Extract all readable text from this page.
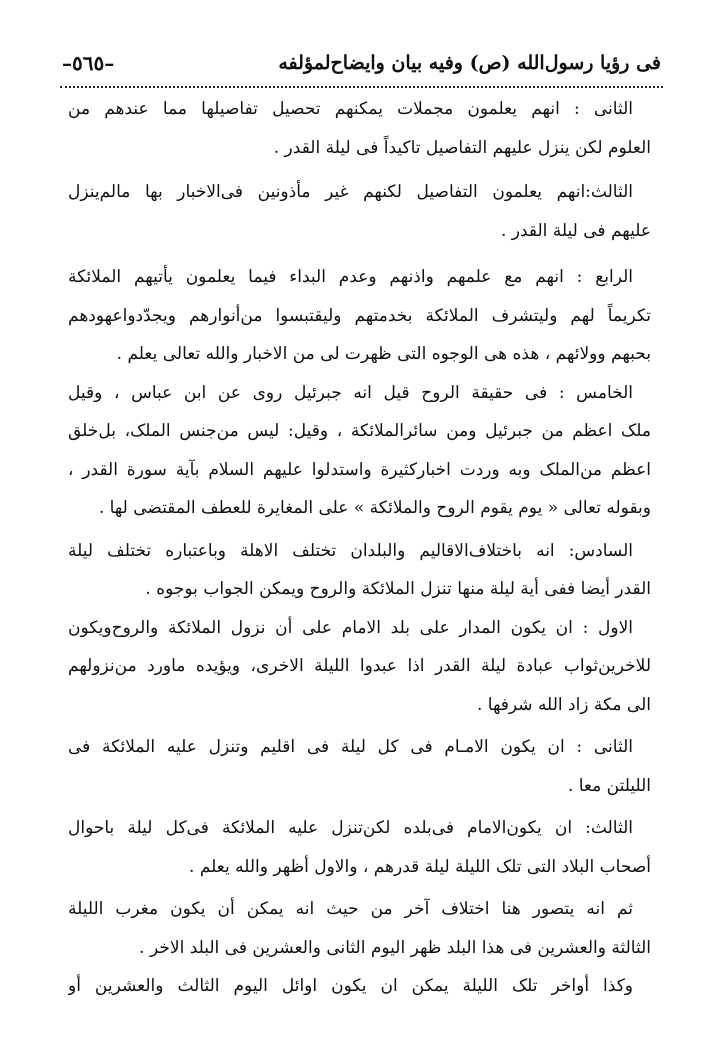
فی رؤیا رسول‌الله (ص) وفیه بیان وایضاح‌لمؤلفه
–٥٦٥–

الثانی : انهم یعلمون مجملات یمکنهم تحصیل تفاصیلها مما عندهم من
العلوم لکن ینزل علیهم التفاصیل تاکیداً فی لیلة القدر .

الثالث:انهم یعلمون التفاصیل لکنهم غیر مأذونین فی‌الاخبار بها مالم‌ینزل
علیهم فی لیلة القدر .

الرابع : انهم مع علمهم واذنهم وعدم البداء فیما یعلمون یأتیهم الملائکة
تکریماً لهم ولیتشرف الملائکة بخدمتهم ولیقتبسوا من‌أنوارهم ویجدّدواعهودهم
بحبهم وولائهم ، هذه هی الوجوه التی ظهرت لی من الاخبار والله تعالی یعلم .

الخامس : فی حقیقة الروح قیل انه جبرئیل روی عن ابن عباس ، وقیل
ملک اعظم من جبرئیل ومن سائرالملائکة ، وقیل: لیس من‌جنس الملک، بل‌خلق
اعظم من‌الملک وبه وردت اخبارکثیرة واستدلوا علیهم السلام بآیة سورة القدر ،
وبقوله تعالی « یوم یقوم الروح والملائکة » علی المغایرة للعطف المقتضی لها .

السادس: انه باختلاف‌الاقالیم والبلدان تختلف الاهلة وباعتباره تختلف لیلة
القدر أیضا ففی أیة لیلة منها تنزل الملائکة والروح ویمکن الجواب بوجوه .

الاول : ان یکون المدار علی بلد الامام علی أن نزول الملائکة والروح‌ویکون
للاخرین‌ثواب عبادة لیلة القدر اذا عبدوا اللیلة الاخری، ویؤیده ماورد من‌نزولهم
الی مکة زاد الله شرفها .

الثانی : ان یکون الامـام فی کل لیلة فی اقلیم وتنزل علیه الملائکة فی
اللیلتن معا .

الثالث: ان یکون‌الامام فی‌بلده لکن‌تنزل علیه الملائکة فی‌کل لیلة باحوال
أصحاب البلاد التی تلک اللیلة لیلة قدرهم ، والاول أظهر والله یعلم .

ثم انه یتصور هنا اختلاف آخر من حیث انه یمکن أن یکون مغرب اللیلة
الثالثة والعشرین فی هذا البلد ظهر الیوم الثانی والعشرین فی البلد الاخر .

وکذا أواخر تلک اللیلة یمکن ان یکون اوائل الیوم الثالث والعشرین أو
